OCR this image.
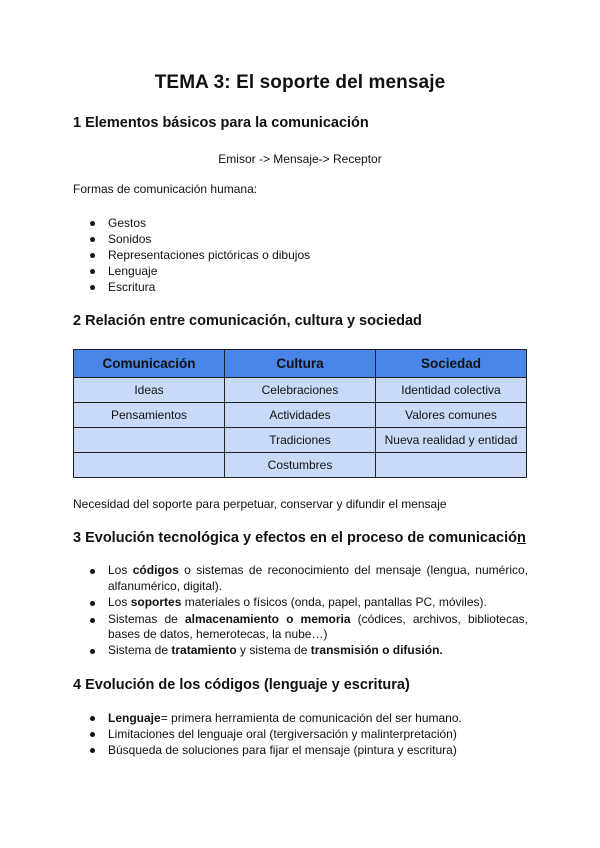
TEMA 3: El soporte del mensaje
1 Elementos básicos para la comunicación
Emisor -> Mensaje-> Receptor
Formas de comunicación humana:
Gestos
Sonidos
Representaciones pictóricas o dibujos
Lenguaje
Escritura
2 Relación entre comunicación, cultura y sociedad
Comunicación	Cultura	Sociedad
Ideas	Celebraciones	Identidad colectiva
Pensamientos	Actividades	Valores comunes
	Tradiciones	Nueva realidad y entidad
	Costumbres	
Necesidad del soporte para perpetuar, conservar y difundir el mensaje
3 Evolución tecnológica y efectos en el proceso de comunicación
Los códigos o sistemas de reconocimiento del mensaje (lengua, numérico, alfanumérico, digital).
Los soportes materiales o físicos (onda, papel, pantallas PC, móviles).
Sistemas de almacenamiento o memoria (códices, archivos, bibliotecas, bases de datos, hemerotecas, la nube…)
Sistema de tratamiento y sistema de transmisión o difusión.
4 Evolución de los códigos (lenguaje y escritura)
Lenguaje= primera herramienta de comunicación del ser humano.
Limitaciones del lenguaje oral (tergiversación y malinterpretación)
Búsqueda de soluciones para fijar el mensaje (pintura y escritura)
